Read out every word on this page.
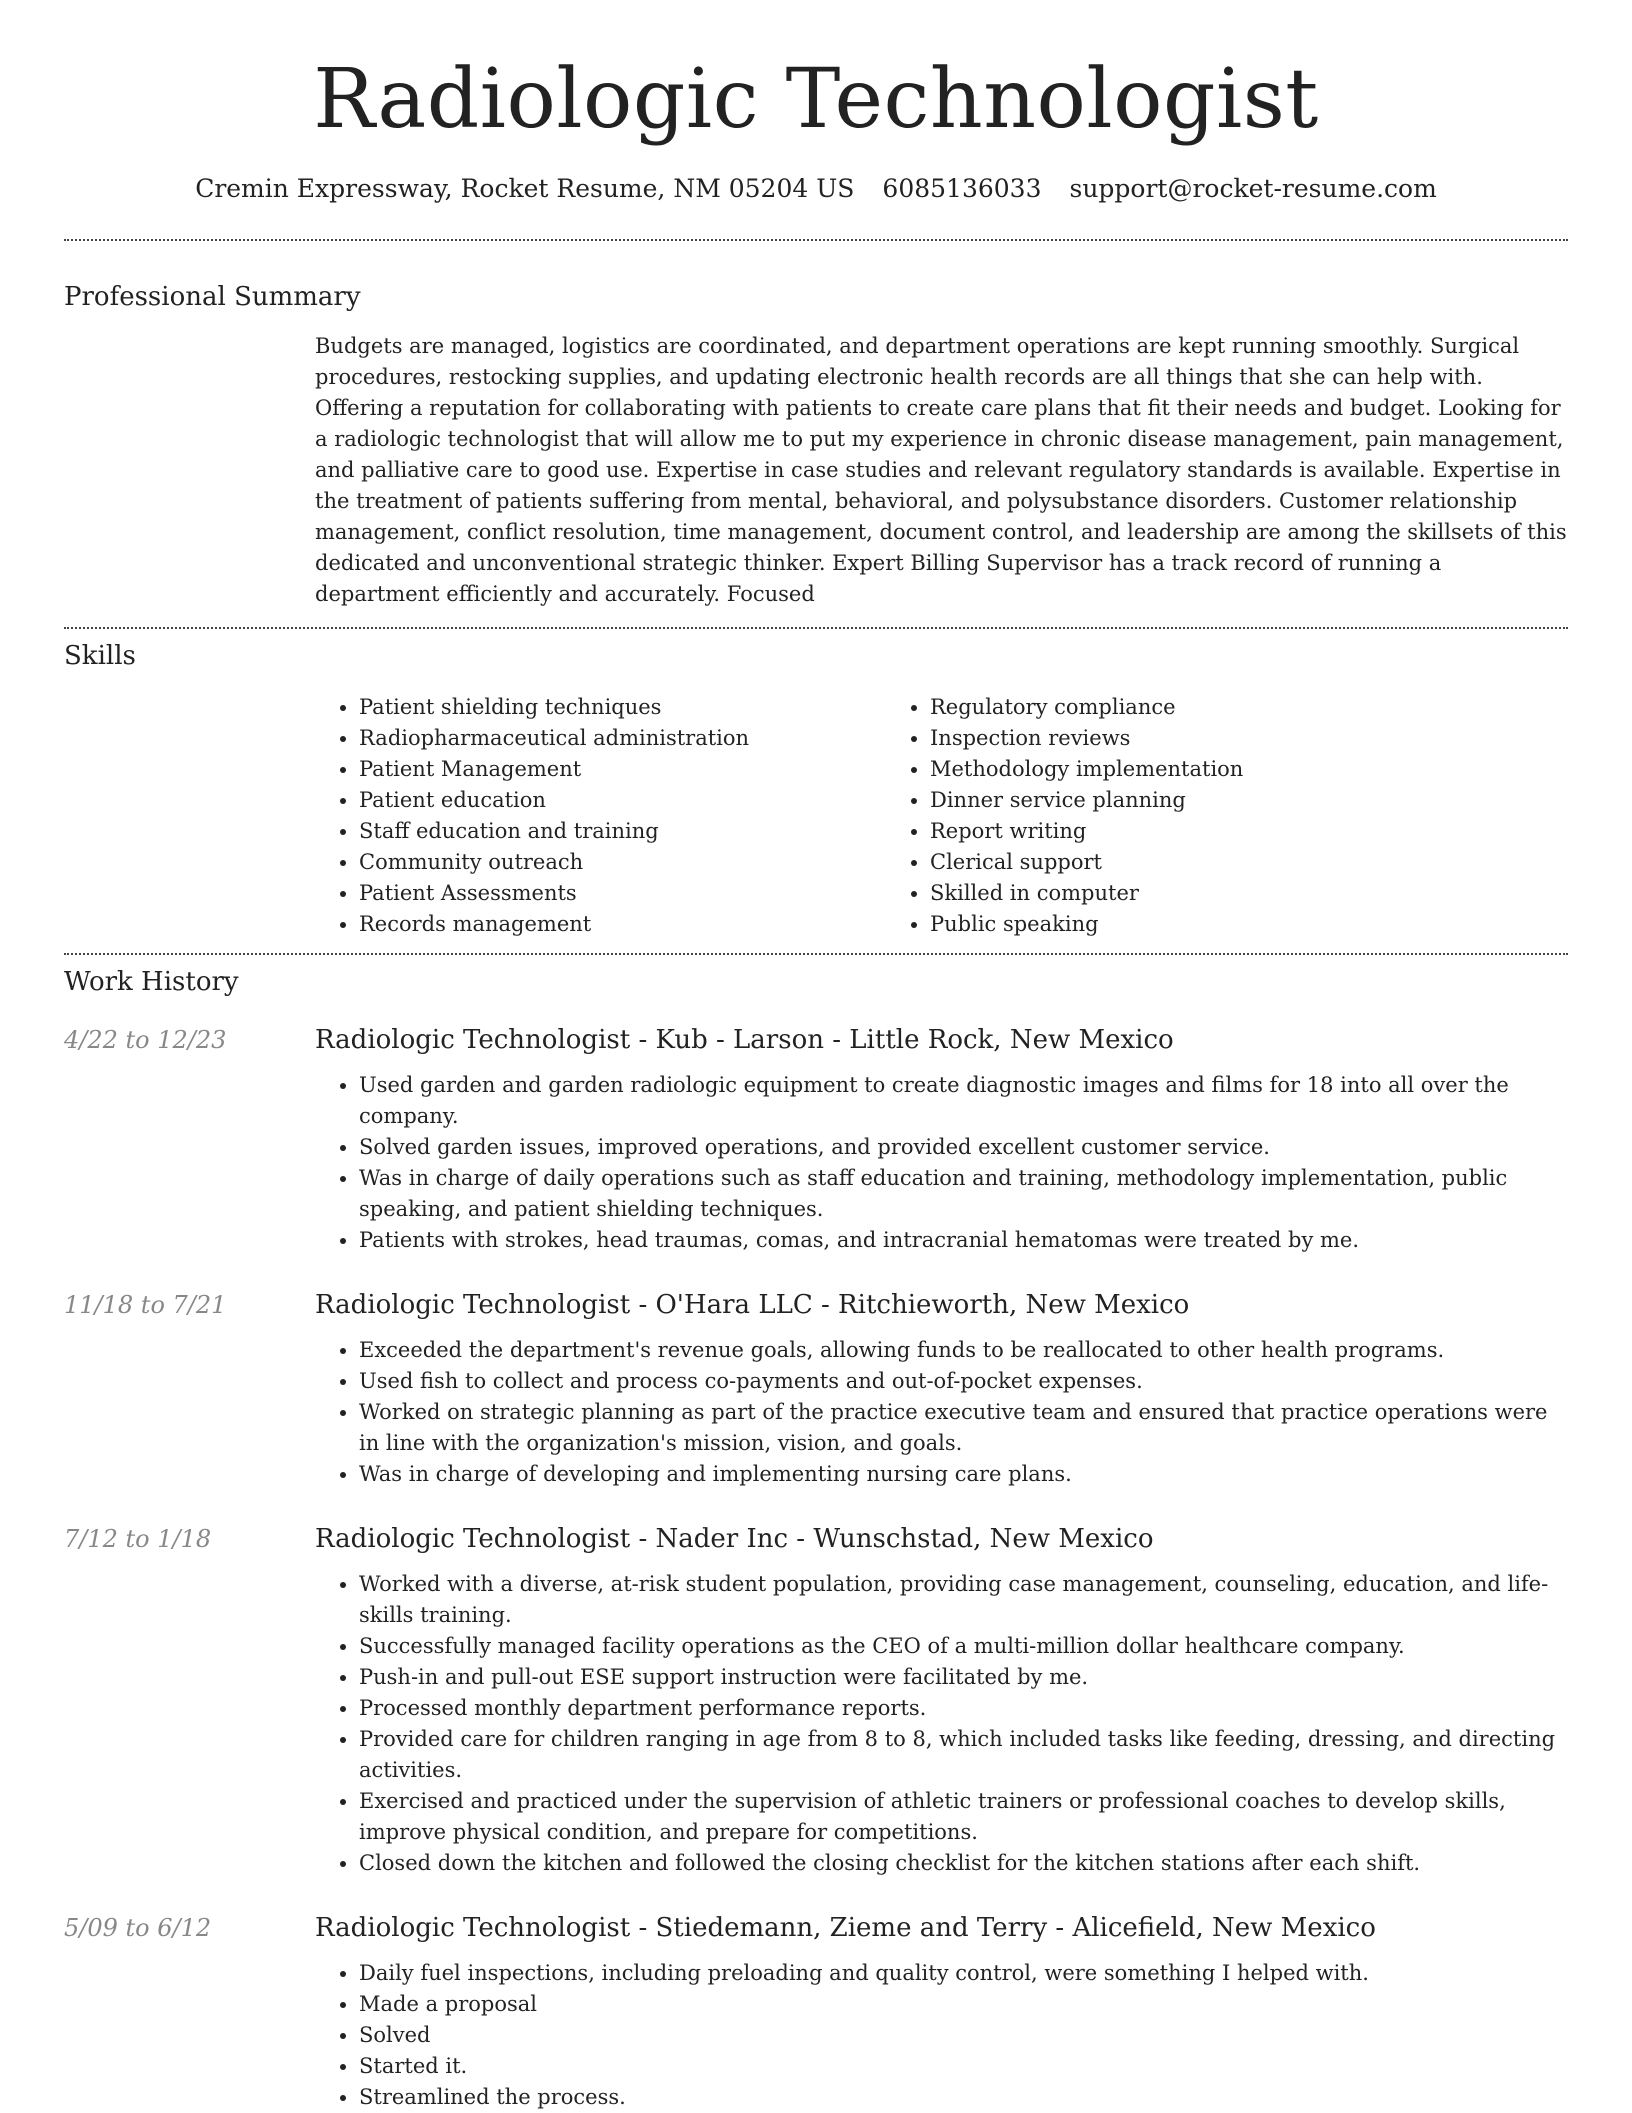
Radiologic Technologist
Cremin Expressway, Rocket Resume, NM 05204 US 6085136033 support@rocket-resume.com
Professional Summary

Budgets are managed, logistics are coordinated, and department operations are kept running smoothly. Surgical procedures, restocking supplies, and updating electronic health records are all things that she can help with. Offering a reputation for collaborating with patients to create care plans that fit their needs and budget. Looking for a radiologic technologist that will allow me to put my experience in chronic disease management, pain management, and palliative care to good use. Expertise in case studies and relevant regulatory standards is available. Expertise in the treatment of patients suffering from mental, behavioral, and polysubstance disorders. Customer relationship management, conflict resolution, time management, document control, and leadership are among the skillsets of this dedicated and unconventional strategic thinker. Expert Billing Supervisor has a track record of running a department efficiently and accurately. Focused

Skills
• Patient shielding techniques
• Radiopharmaceutical administration
• Patient Management
• Patient education
• Staff education and training
• Community outreach
• Patient Assessments
• Records management
• Regulatory compliance
• Inspection reviews
• Methodology implementation
• Dinner service planning
• Report writing
• Clerical support
• Skilled in computer
• Public speaking
Work History
4/22 to 12/23	Radiologic Technologist - Kub - Larson - Little Rock, New Mexico
• Used garden and garden radiologic equipment to create diagnostic images and films for 18 into all over the company.
• Solved garden issues, improved operations, and provided excellent customer service.
• Was in charge of daily operations such as staff education and training, methodology implementation, public speaking, and patient shielding techniques.
• Patients with strokes, head traumas, comas, and intracranial hematomas were treated by me.
11/18 to 7/21	Radiologic Technologist - O'Hara LLC - Ritchieworth, New Mexico
• Exceeded the department's revenue goals, allowing funds to be reallocated to other health programs.
• Used fish to collect and process co-payments and out-of-pocket expenses.
• Worked on strategic planning as part of the practice executive team and ensured that practice operations were in line with the organization's mission, vision, and goals.
• Was in charge of developing and implementing nursing care plans.
7/12 to 1/18	Radiologic Technologist - Nader Inc - Wunschstad, New Mexico
• Worked with a diverse, at-risk student population, providing case management, counseling, education, and life-skills training.
• Successfully managed facility operations as the CEO of a multi-million dollar healthcare company.
• Push-in and pull-out ESE support instruction were facilitated by me.
• Processed monthly department performance reports.
• Provided care for children ranging in age from 8 to 8, which included tasks like feeding, dressing, and directing activities.
• Exercised and practiced under the supervision of athletic trainers or professional coaches to develop skills, improve physical condition, and prepare for competitions.
• Closed down the kitchen and followed the closing checklist for the kitchen stations after each shift.
5/09 to 6/12	Radiologic Technologist - Stiedemann, Zieme and Terry - Alicefield, New Mexico
• Daily fuel inspections, including preloading and quality control, were something I helped with.
• Made a proposal
• Solved
• Started it.
• Streamlined the process.
